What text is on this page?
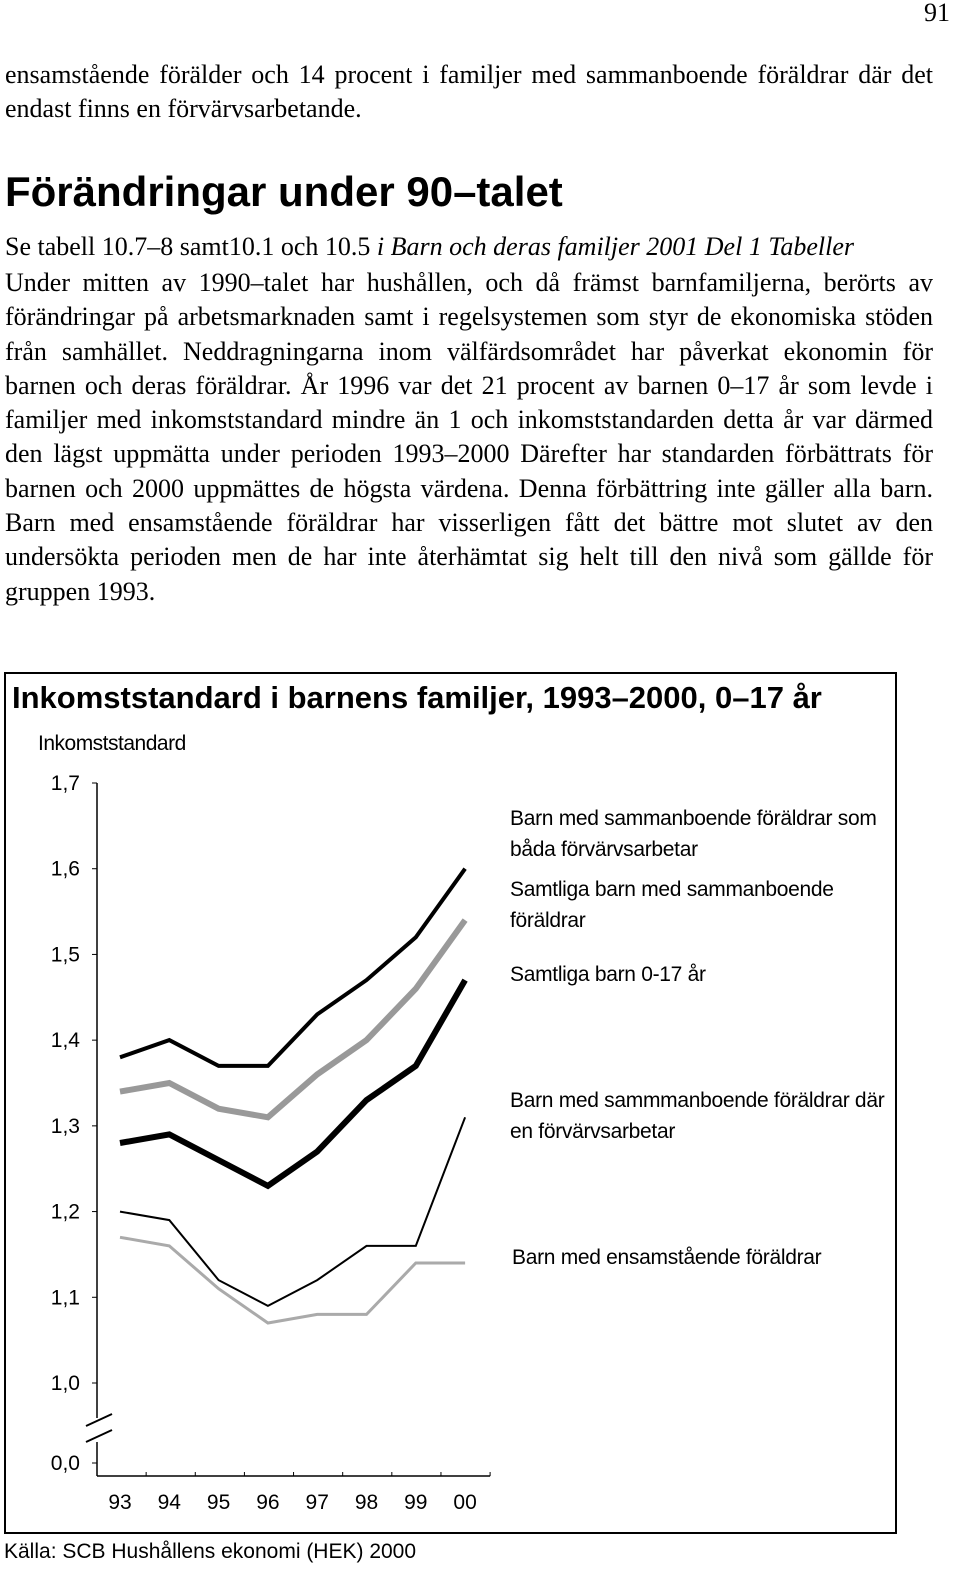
91

ensamstående förälder och 14 procent i familjer med sammanboende föräldrar där det endast finns en förvärvsarbetande.

Förändringar under 90–talet
Se tabell 10.7–8 samt10.1 och 10.5 i Barn och deras familjer 2001 Del 1 Tabeller

Under mitten av 1990–talet har hushållen, och då främst barnfamiljerna, berörts av förändringar på arbetsmarknaden samt i regelsystemen som styr de ekonomiska stöden från samhället. Neddragningarna inom välfärdsområdet har påverkat ekonomin för barnen och deras föräldrar. År 1996 var det 21 procent av barnen 0–17 år som levde i familjer med inkomststandard mindre än 1 och inkomststandarden detta år var därmed den lägst uppmätta under perioden 1993–2000 Därefter har standarden förbättrats för barnen och 2000 uppmättes de högsta värdena. Denna förbättring inte gäller alla barn. Barn med ensamstående föräldrar har visserligen fått det bättre mot slutet av den undersökta perioden men de har inte återhämtat sig helt till den nivå som gällde för gruppen 1993.

Inkomststandard i barnens familjer, 1993–2000, 0–17 år
Inkomststandard
0,0
1,0
1,1
1,2
1,3
1,4
1,5
1,6
1,7
93 94 95 96 97 98 99 00
Barn med sammanboende föräldrar som båda förvärvsarbetar
Samtliga barn med sammanboende föräldrar
Samtliga barn 0-17 år
Barn med sammmanboende föräldrar där en förvärvsarbetar
Barn med ensamstående föräldrar
Källa: SCB Hushållens ekonomi (HEK) 2000
